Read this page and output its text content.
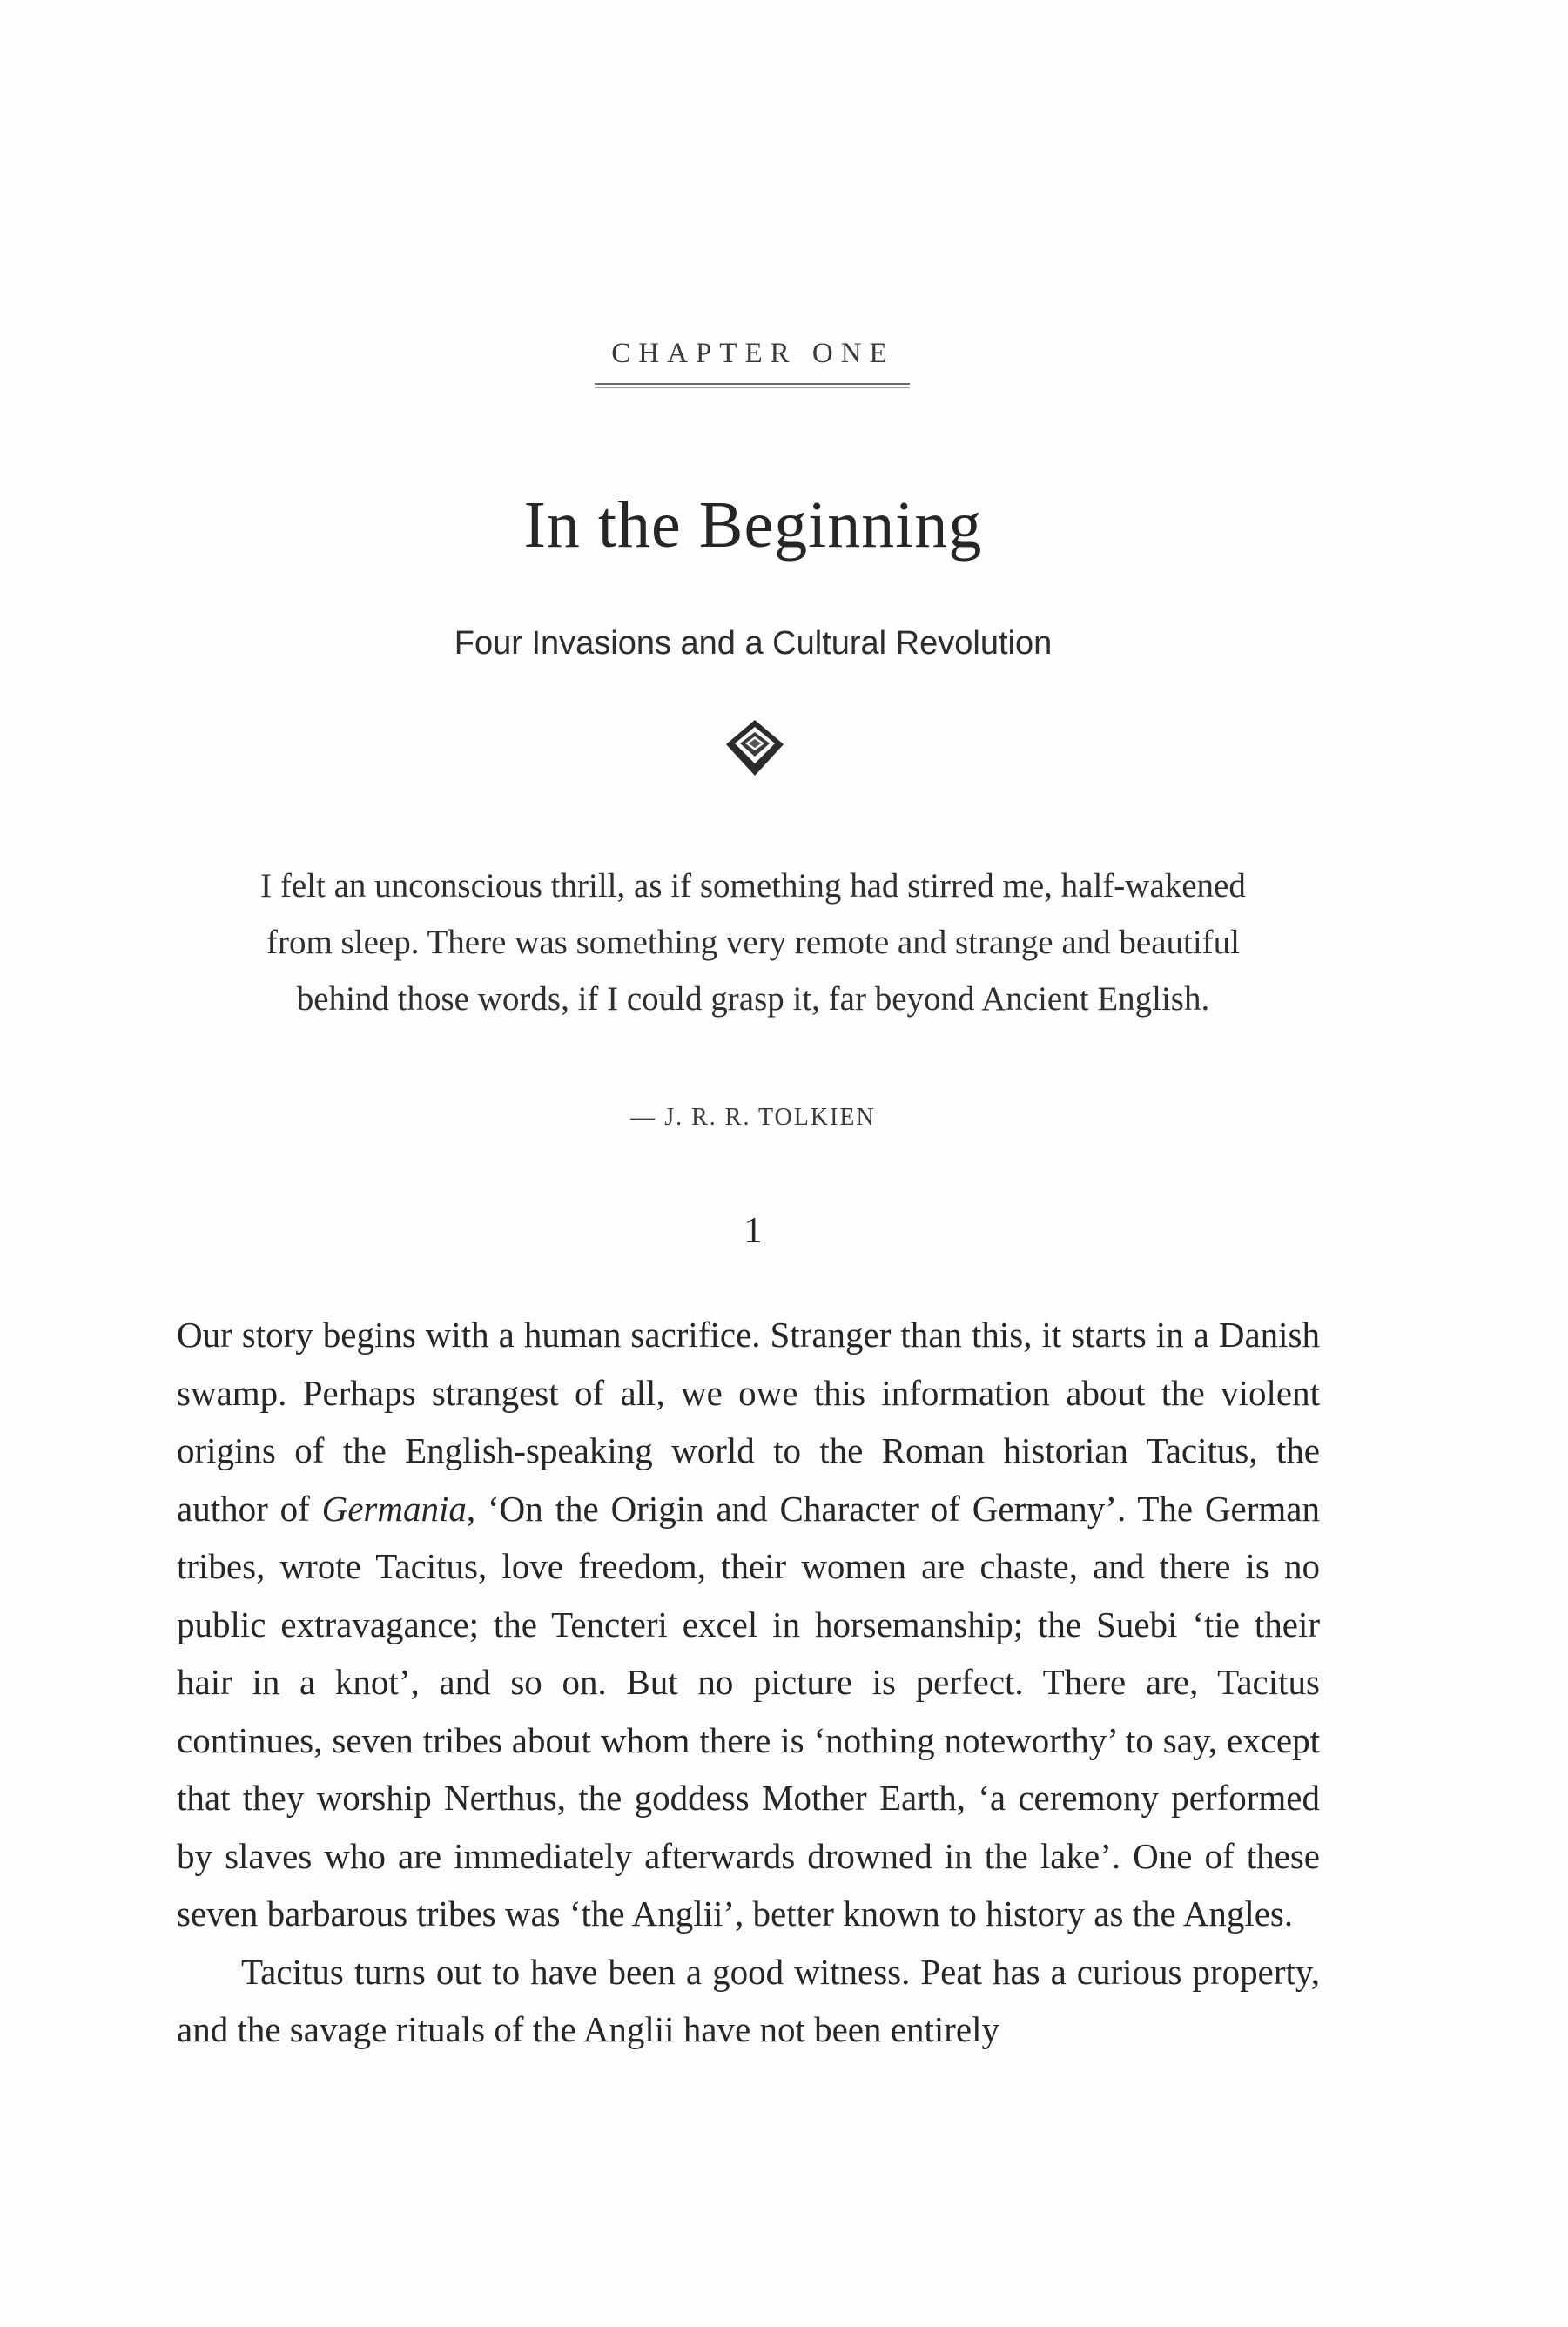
CHAPTER ONE
In the Beginning
Four Invasions and a Cultural Revolution
I felt an unconscious thrill, as if something had stirred me, half-wakened from sleep. There was something very remote and strange and beautiful behind those words, if I could grasp it, far beyond Ancient English.
— J. R. R. TOLKIEN
1

Our story begins with a human sacrifice. Stranger than this, it starts in a Danish swamp. Perhaps strangest of all, we owe this information about the violent origins of the English-speaking world to the Roman historian Tacitus, the author of Germania, ‘On the Origin and Character of Germany’. The German tribes, wrote Tacitus, love freedom, their women are chaste, and there is no public extravagance; the Tencteri excel in horsemanship; the Suebi ‘tie their hair in a knot’, and so on. But no picture is perfect. There are, Tacitus continues, seven tribes about whom there is ‘nothing noteworthy’ to say, except that they worship Nerthus, the goddess Mother Earth, ‘a ceremony performed by slaves who are immediately afterwards drowned in the lake’. One of these seven barbarous tribes was ‘the Anglii’, better known to history as the Angles.

Tacitus turns out to have been a good witness. Peat has a curious property, and the savage rituals of the Anglii have not been entirely
